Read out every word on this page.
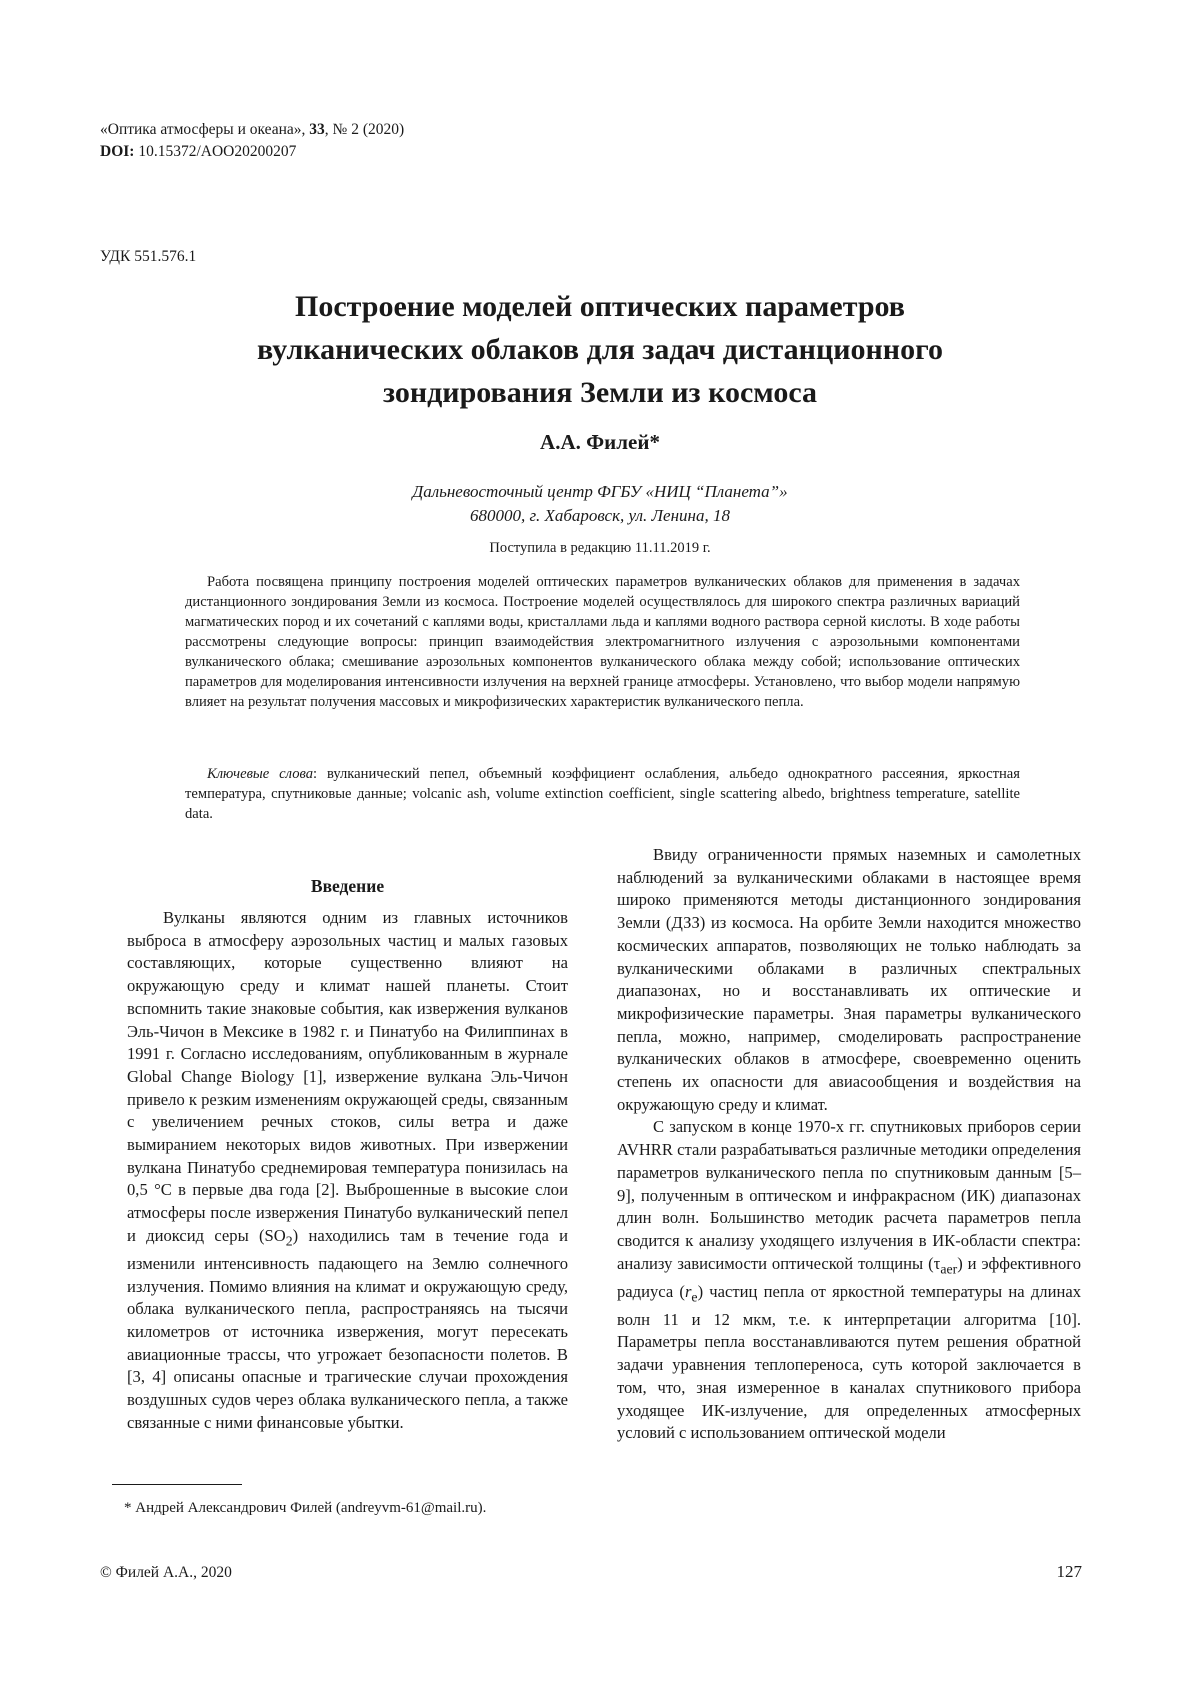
«Оптика атмосферы и океана», 33, № 2 (2020)
DOI: 10.15372/AOO20200207
УДК 551.576.1
Построение моделей оптических параметров
вулканических облаков для задач дистанционного
зондирования Земли из космоса
А.А. Филей*
Дальневосточный центр ФГБУ «НИЦ “Планета”»
680000, г. Хабаровск, ул. Ленина, 18
Поступила в редакцию 11.11.2019 г.
Работа посвящена принципу построения моделей оптических параметров вулканических облаков для применения в задачах дистанционного зондирования Земли из космоса. Построение моделей осуществлялось для широкого спектра различных вариаций магматических пород и их сочетаний с каплями воды, кристаллами льда и каплями водного раствора серной кислоты. В ходе работы рассмотрены следующие вопросы: принцип взаимодействия электромагнитного излучения с аэрозольными компонентами вулканического облака; смешивание аэрозольных компонентов вулканического облака между собой; использование оптических параметров для моделирования интенсивности излучения на верхней границе атмосферы. Установлено, что выбор модели напрямую влияет на результат получения массовых и микрофизических характеристик вулканического пепла.
Ключевые слова: вулканический пепел, объемный коэффициент ослабления, альбедо однократного рассеяния, яркостная температура, спутниковые данные; volcanic ash, volume extinction coefficient, single scattering albedo, brightness temperature, satellite data.
Введение

Вулканы являются одним из главных источников выброса в атмосферу аэрозольных частиц и малых газовых составляющих, которые существенно влияют на окружающую среду и климат нашей планеты. Стоит вспомнить такие знаковые события, как извержения вулканов Эль-Чичон в Мексике в 1982 г. и Пинатубо на Филиппинах в 1991 г. Согласно исследованиям, опубликованным в журнале Global Change Biology [1], извержение вулкана Эль-Чичон привело к резким изменениям окружающей среды, связанным с увеличением речных стоков, силы ветра и даже вымиранием некоторых видов животных. При извержении вулкана Пинатубо среднемировая температура понизилась на 0,5 °C в первые два года [2]. Выброшенные в высокие слои атмосферы после извержения Пинатубо вулканический пепел и диоксид серы $(SO_2)$ находились там в течение года и изменили интенсивность падающего на Землю солнечного излучения. Помимо влияния на климат и окружающую среду, облака вулканического пепла, распространяясь на тысячи километров от источника извержения, могут пересекать авиационные трассы, что угрожает безопасности полетов. В [3, 4] описаны опасные и трагические случаи прохождения воздушных судов через облака вулканического пепла, а также связанные с ними финансовые убытки.

Ввиду ограниченности прямых наземных и самолетных наблюдений за вулканическими облаками в настоящее время широко применяются методы дистанционного зондирования Земли (ДЗЗ) из космоса. На орбите Земли находится множество космических аппаратов, позволяющих не только наблюдать за вулканическими облаками в различных спектральных диапазонах, но и восстанавливать их оптические и микрофизические параметры. Зная параметры вулканического пепла, можно, например, смоделировать распространение вулканических облаков в атмосфере, своевременно оценить степень их опасности для авиасообщения и воздействия на окружающую среду и климат.

С запуском в конце 1970-х гг. спутниковых приборов серии AVHRR стали разрабатываться различные методики определения параметров вулканического пепла по спутниковым данным [5–9], полученным в оптическом и инфракрасном (ИК) диапазонах длин волн. Большинство методик расчета параметров пепла сводится к анализу уходящего излучения в ИК-области спектра: анализу зависимости оптической толщины $(\tau_{aer})$ и эффективного радиуса $(r_e)$ частиц пепла от яркостной температуры на длинах волн 11 и 12 мкм, т.е. к интерпретации алгоритма [10]. Параметры пепла восстанавливаются путем решения обратной задачи уравнения теплопереноса, суть которой заключается в том, что, зная измеренное в каналах спутникового прибора уходящее ИК-излучение, для определенных атмосферных условий с использованием оптической модели

* Андрей Александрович Филей (andreyvm-61@mail.ru).
© Филей А.А., 2020	127
